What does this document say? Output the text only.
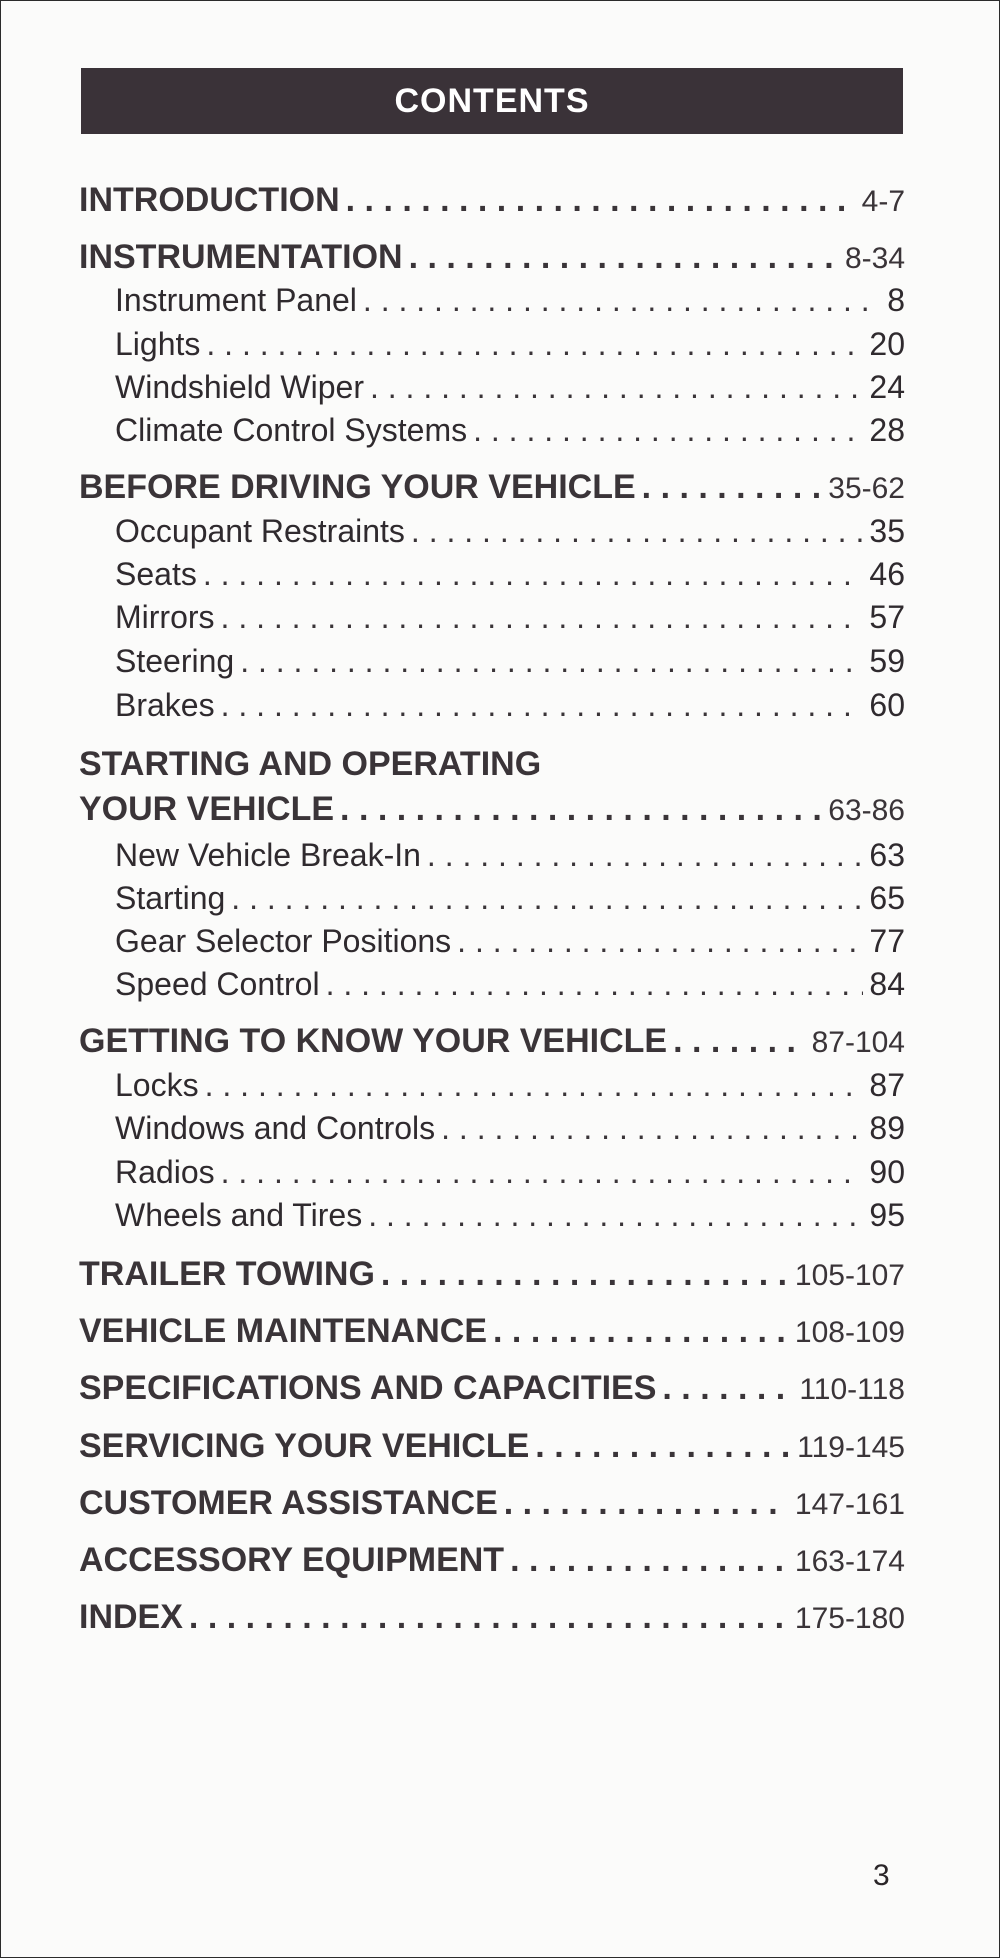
CONTENTS
INTRODUCTION . . .	4-7
INSTRUMENTATION . . .	8-34
Instrument Panel . . .	8
Lights . . .	20
Windshield Wiper . . .	24
Climate Control Systems . . .	28
BEFORE DRIVING YOUR VEHICLE . . .	35-62
Occupant Restraints . . .	35
Seats . . .	46
Mirrors . . .	57
Steering . . .	59
Brakes . . .	60
STARTING AND OPERATING
YOUR VEHICLE . . .	63-86
New Vehicle Break-In . . .	63
Starting . . .	65
Gear Selector Positions . . .	77
Speed Control . . .	84
GETTING TO KNOW YOUR VEHICLE . . .	87-104
Locks . . .	87
Windows and Controls . . .	89
Radios . . .	90
Wheels and Tires . . .	95
TRAILER TOWING . . .	105-107
VEHICLE MAINTENANCE . . .	108-109
SPECIFICATIONS AND CAPACITIES . . .	110-118
SERVICING YOUR VEHICLE . . .	119-145
CUSTOMER ASSISTANCE . . .	147-161
ACCESSORY EQUIPMENT . . .	163-174
INDEX . . .	175-180
3
